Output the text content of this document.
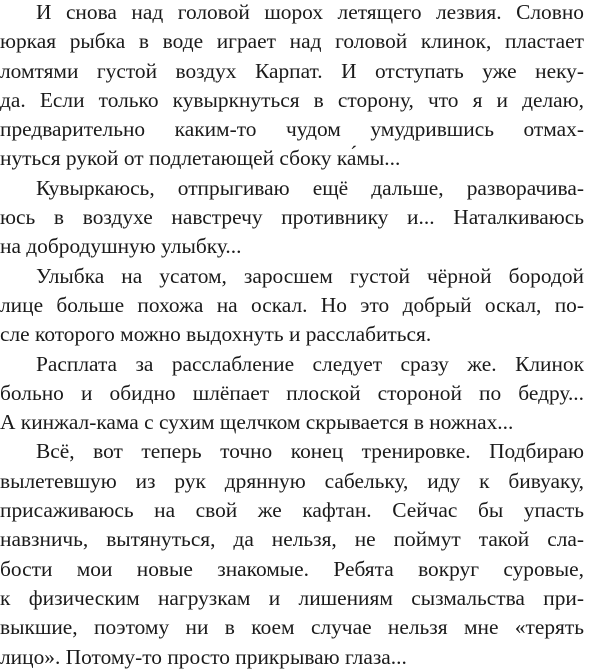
И снова над головой шорох летящего лезвия. Словно
юркая рыбка в воде играет над головой клинок, пластает
ломтями густой воздух Карпат. И отступать уже неку-
да. Если только кувыркнуться в сторону, что я и делаю,
предварительно каким-то чудом умудрившись отмах-
нуться рукой от подлетающей сбоку ка́мы...
Кувыркаюсь, отпрыгиваю ещё дальше, разворачива-
юсь в воздухе навстречу противнику и... Наталкиваюсь
на добродушную улыбку...
Улыбка на усатом, заросшем густой чёрной бородой
лице больше похожа на оскал. Но это добрый оскал, по-
сле которого можно выдохнуть и расслабиться.
Расплата за расслабление следует сразу же. Клинок
больно и обидно шлёпает плоской стороной по бедру...
А кинжал-кама с сухим щелчком скрывается в ножнах...
Всё, вот теперь точно конец тренировке. Подбираю
вылетевшую из рук дрянную сабельку, иду к бивуаку,
присаживаюсь на свой же кафтан. Сейчас бы упасть
навзничь, вытянуться, да нельзя, не поймут такой сла-
бости мои новые знакомые. Ребята вокруг суровые,
к физическим нагрузкам и лишениям сызмальства при-
выкшие, поэтому ни в коем случае нельзя мне «терять
лицо». Потому-то просто прикрываю глаза...
